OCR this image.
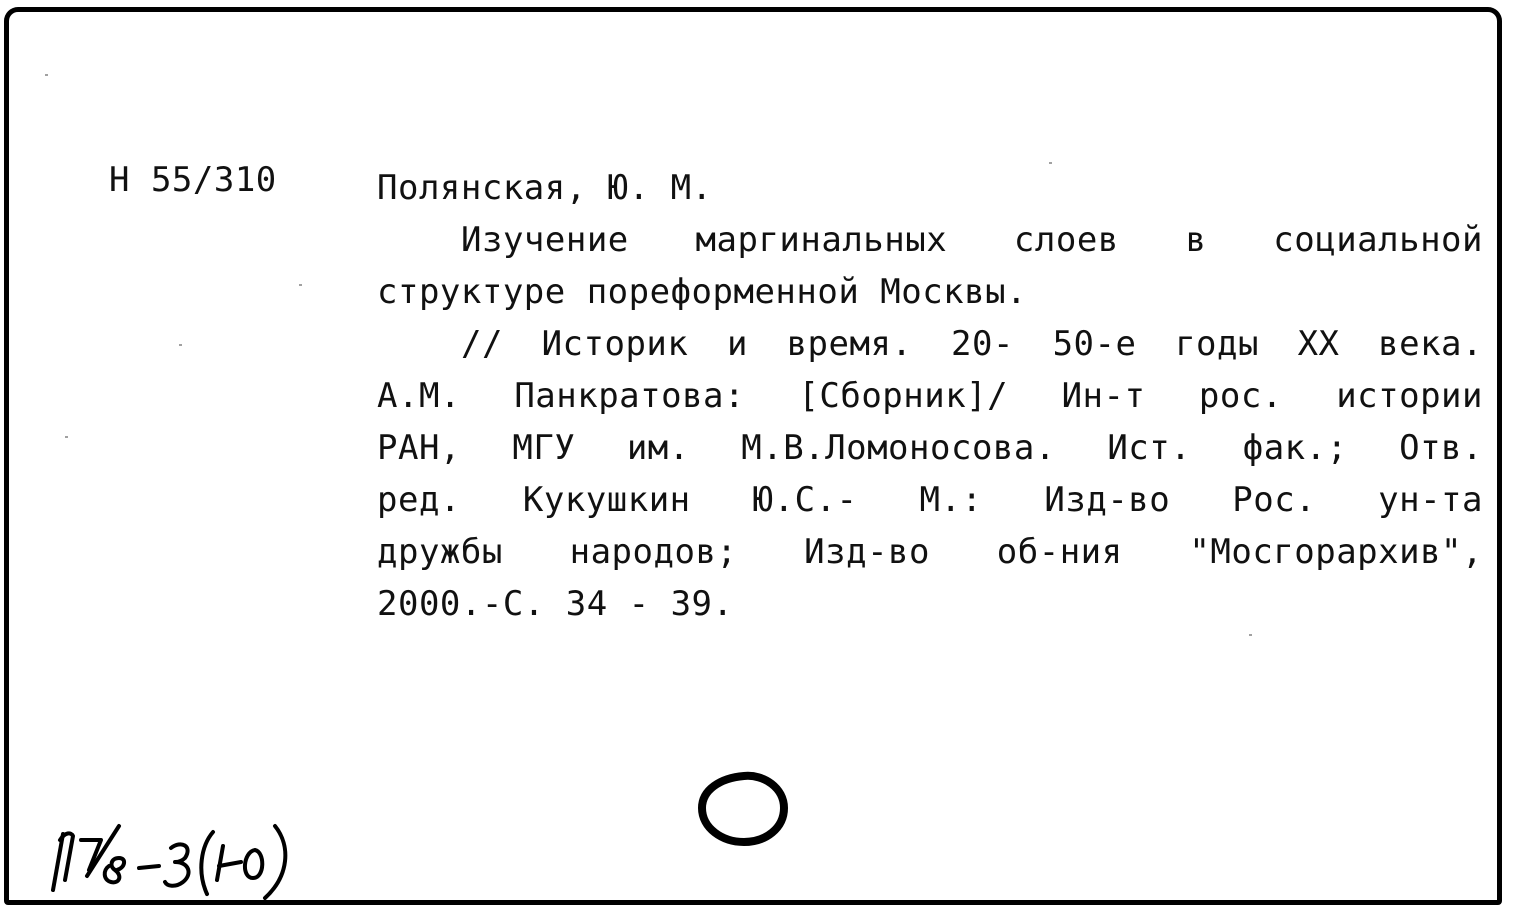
Н 55/310	Полянская, Ю. М.
Изучение маргинальных слоев в социальной
структуре пореформенной Москвы.
// Историк и время. 20- 50-е годы XX века.
А.М. Панкратова: [Сборник]/ Ин-т рос. истории
РАН, МГУ им. М.В.Ломоносова. Ист. фак.; Отв.
ред. Кукушкин Ю.С.- М.: Изд-во Рос. ун-та
дружбы народов; Изд-во об-ния "Мосгорархив",
2000.-С. 34 - 39.
